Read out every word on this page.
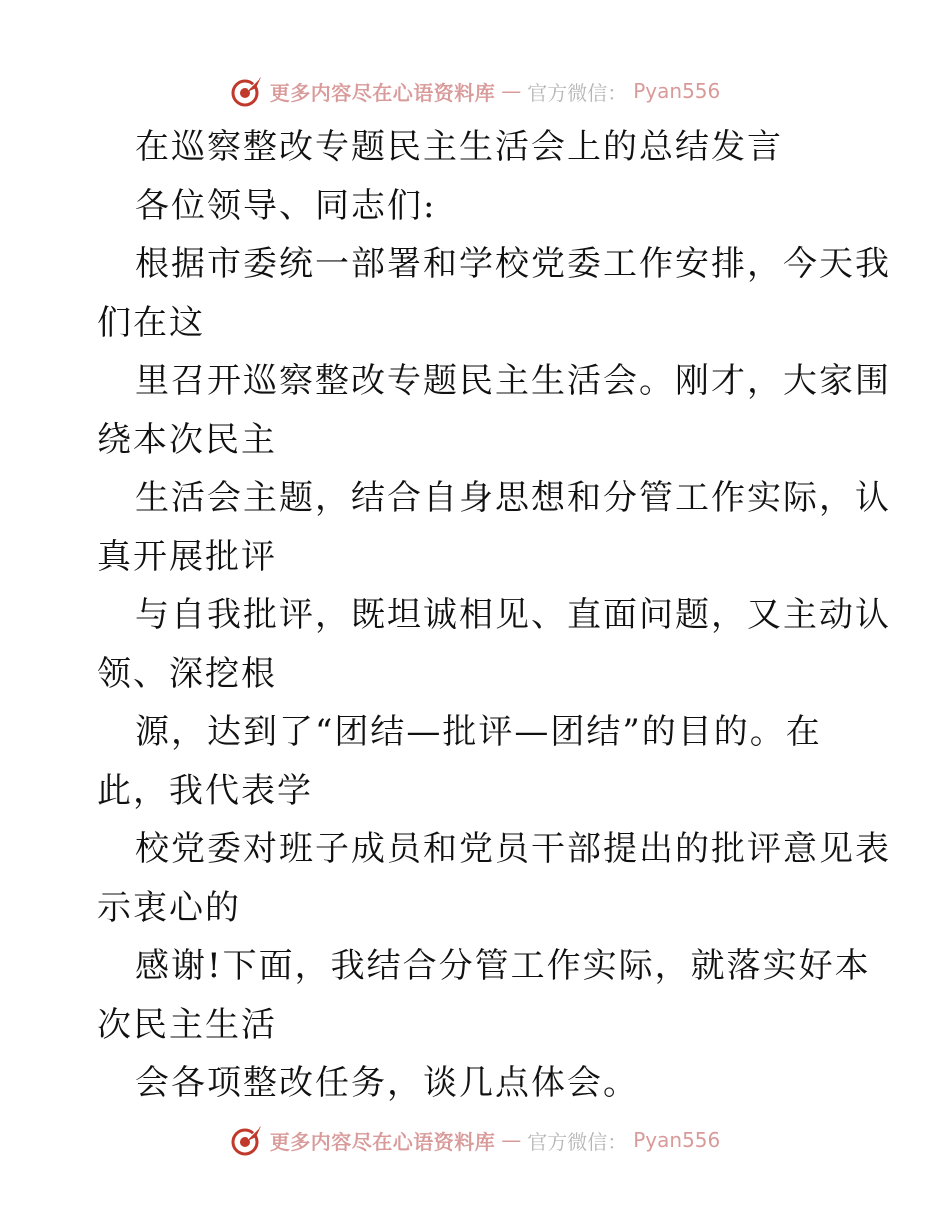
更多内容尽在心语资料库 — 官方微信： Pyan556
在巡察整改专题民主生活会上的总结发言
各位领导、同志们:
根据市委统一部署和学校党委工作安排，今天我
们在这
里召开巡察整改专题民主生活会。刚才，大家围
绕本次民主
生活会主题，结合自身思想和分管工作实际，认
真开展批评
与自我批评，既坦诚相见、直面问题，又主动认
领、深挖根
源，达到了“团结—批评—团结”的目的。在
此，我代表学
校党委对班子成员和党员干部提出的批评意见表
示衷心的
感谢!下面，我结合分管工作实际，就落实好本
次民主生活
会各项整改任务，谈几点体会。
更多内容尽在心语资料库 — 官方微信： Pyan556
